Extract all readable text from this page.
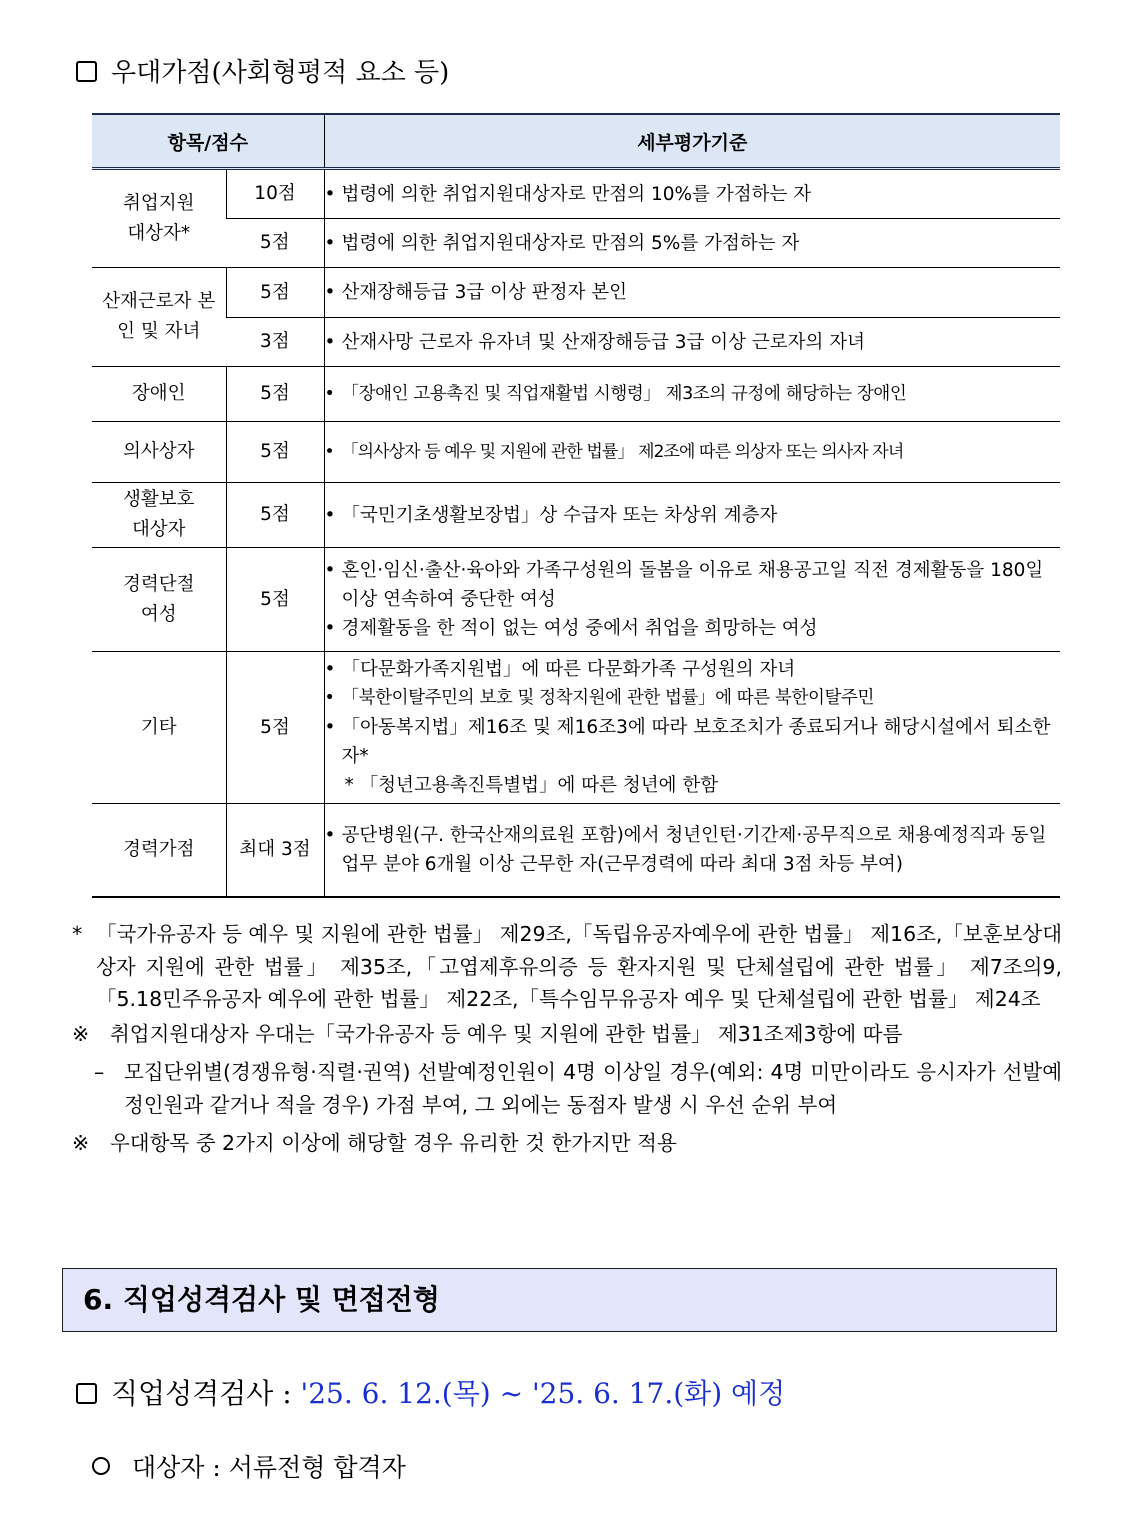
우대가점(사회형평적 요소 등)
항목/점수		세부평가기준
취업지원 대상자*	10점	• 법령에 의한 취업지원대상자로 만점의 10%를 가점하는 자

	5점	• 법령에 의한 취업지원대상자로 만점의 5%를 가점하는 자

산재근로자 본인 및 자녀	5점	• 산재장해등급 3급 이상 판정자 본인

	3점	• 산재사망 근로자 유자녀 및 산재장해등급 3급 이상 근로자의 자녀

장애인	5점	• 「장애인 고용촉진 및 직업재활법 시행령」 제3조의 규정에 해당하는 장애인

의사상자	5점	• 「의사상자 등 예우 및 지원에 관한 법률」 제2조에 따른 의상자 또는 의사자 자녀

생활보호 대상자	5점	• 「국민기초생활보장법」상 수급자 또는 차상위 계층자

경력단절 여성	5점	• 혼인·임신·출산·육아와 가족구성원의 돌봄을 이유로 채용공고일 직전 경제활동을 180일 이상 연속하여 중단한 여성
• 경제활동을 한 적이 없는 여성 중에서 취업을 희망하는 여성

기타	5점	• 「다문화가족지원법」에 따른 다문화가족 구성원의 자녀
• 「북한이탈주민의 보호 및 정착지원에 관한 법률」에 따른 북한이탈주민
• 「아동복지법」제16조 및 제16조3에 따라 보호조치가 종료되거나 해당시설에서 퇴소한 자*
* 「청년고용촉진특별법」에 따른 청년에 한함

경력가점	최대 3점	• 공단병원(구. 한국산재의료원 포함)에서 청년인턴·기간제·공무직으로 채용예정직과 동일업무 분야 6개월 이상 근무한 자(근무경력에 따라 최대 3점 차등 부여)
* 「국가유공자 등 예우 및 지원에 관한 법률」 제29조,「독립유공자예우에 관한 법률」 제16조,「보훈보상대상자 지원에 관한 법률」 제35조,「고엽제후유의증 등 환자지원 및 단체설립에 관한 법률」 제7조의9,「5.18민주유공자 예우에 관한 법률」 제22조,「특수임무유공자 예우 및 단체설립에 관한 법률」 제24조
※ 취업지원대상자 우대는「국가유공자 등 예우 및 지원에 관한 법률」 제31조제3항에 따름
– 모집단위별(경쟁유형·직렬·권역) 선발예정인원이 4명 이상일 경우(예외: 4명 미만이라도 응시자가 선발예정인원과 같거나 적을 경우) 가점 부여, 그 외에는 동점자 발생 시 우선 순위 부여
※ 우대항목 중 2가지 이상에 해당할 경우 유리한 것 한가지만 적용
6. 직업성격검사 및 면접전형
직업성격검사 : '25. 6. 12.(목) ~ '25. 6. 17.(화) 예정
대상자 : 서류전형 합격자
